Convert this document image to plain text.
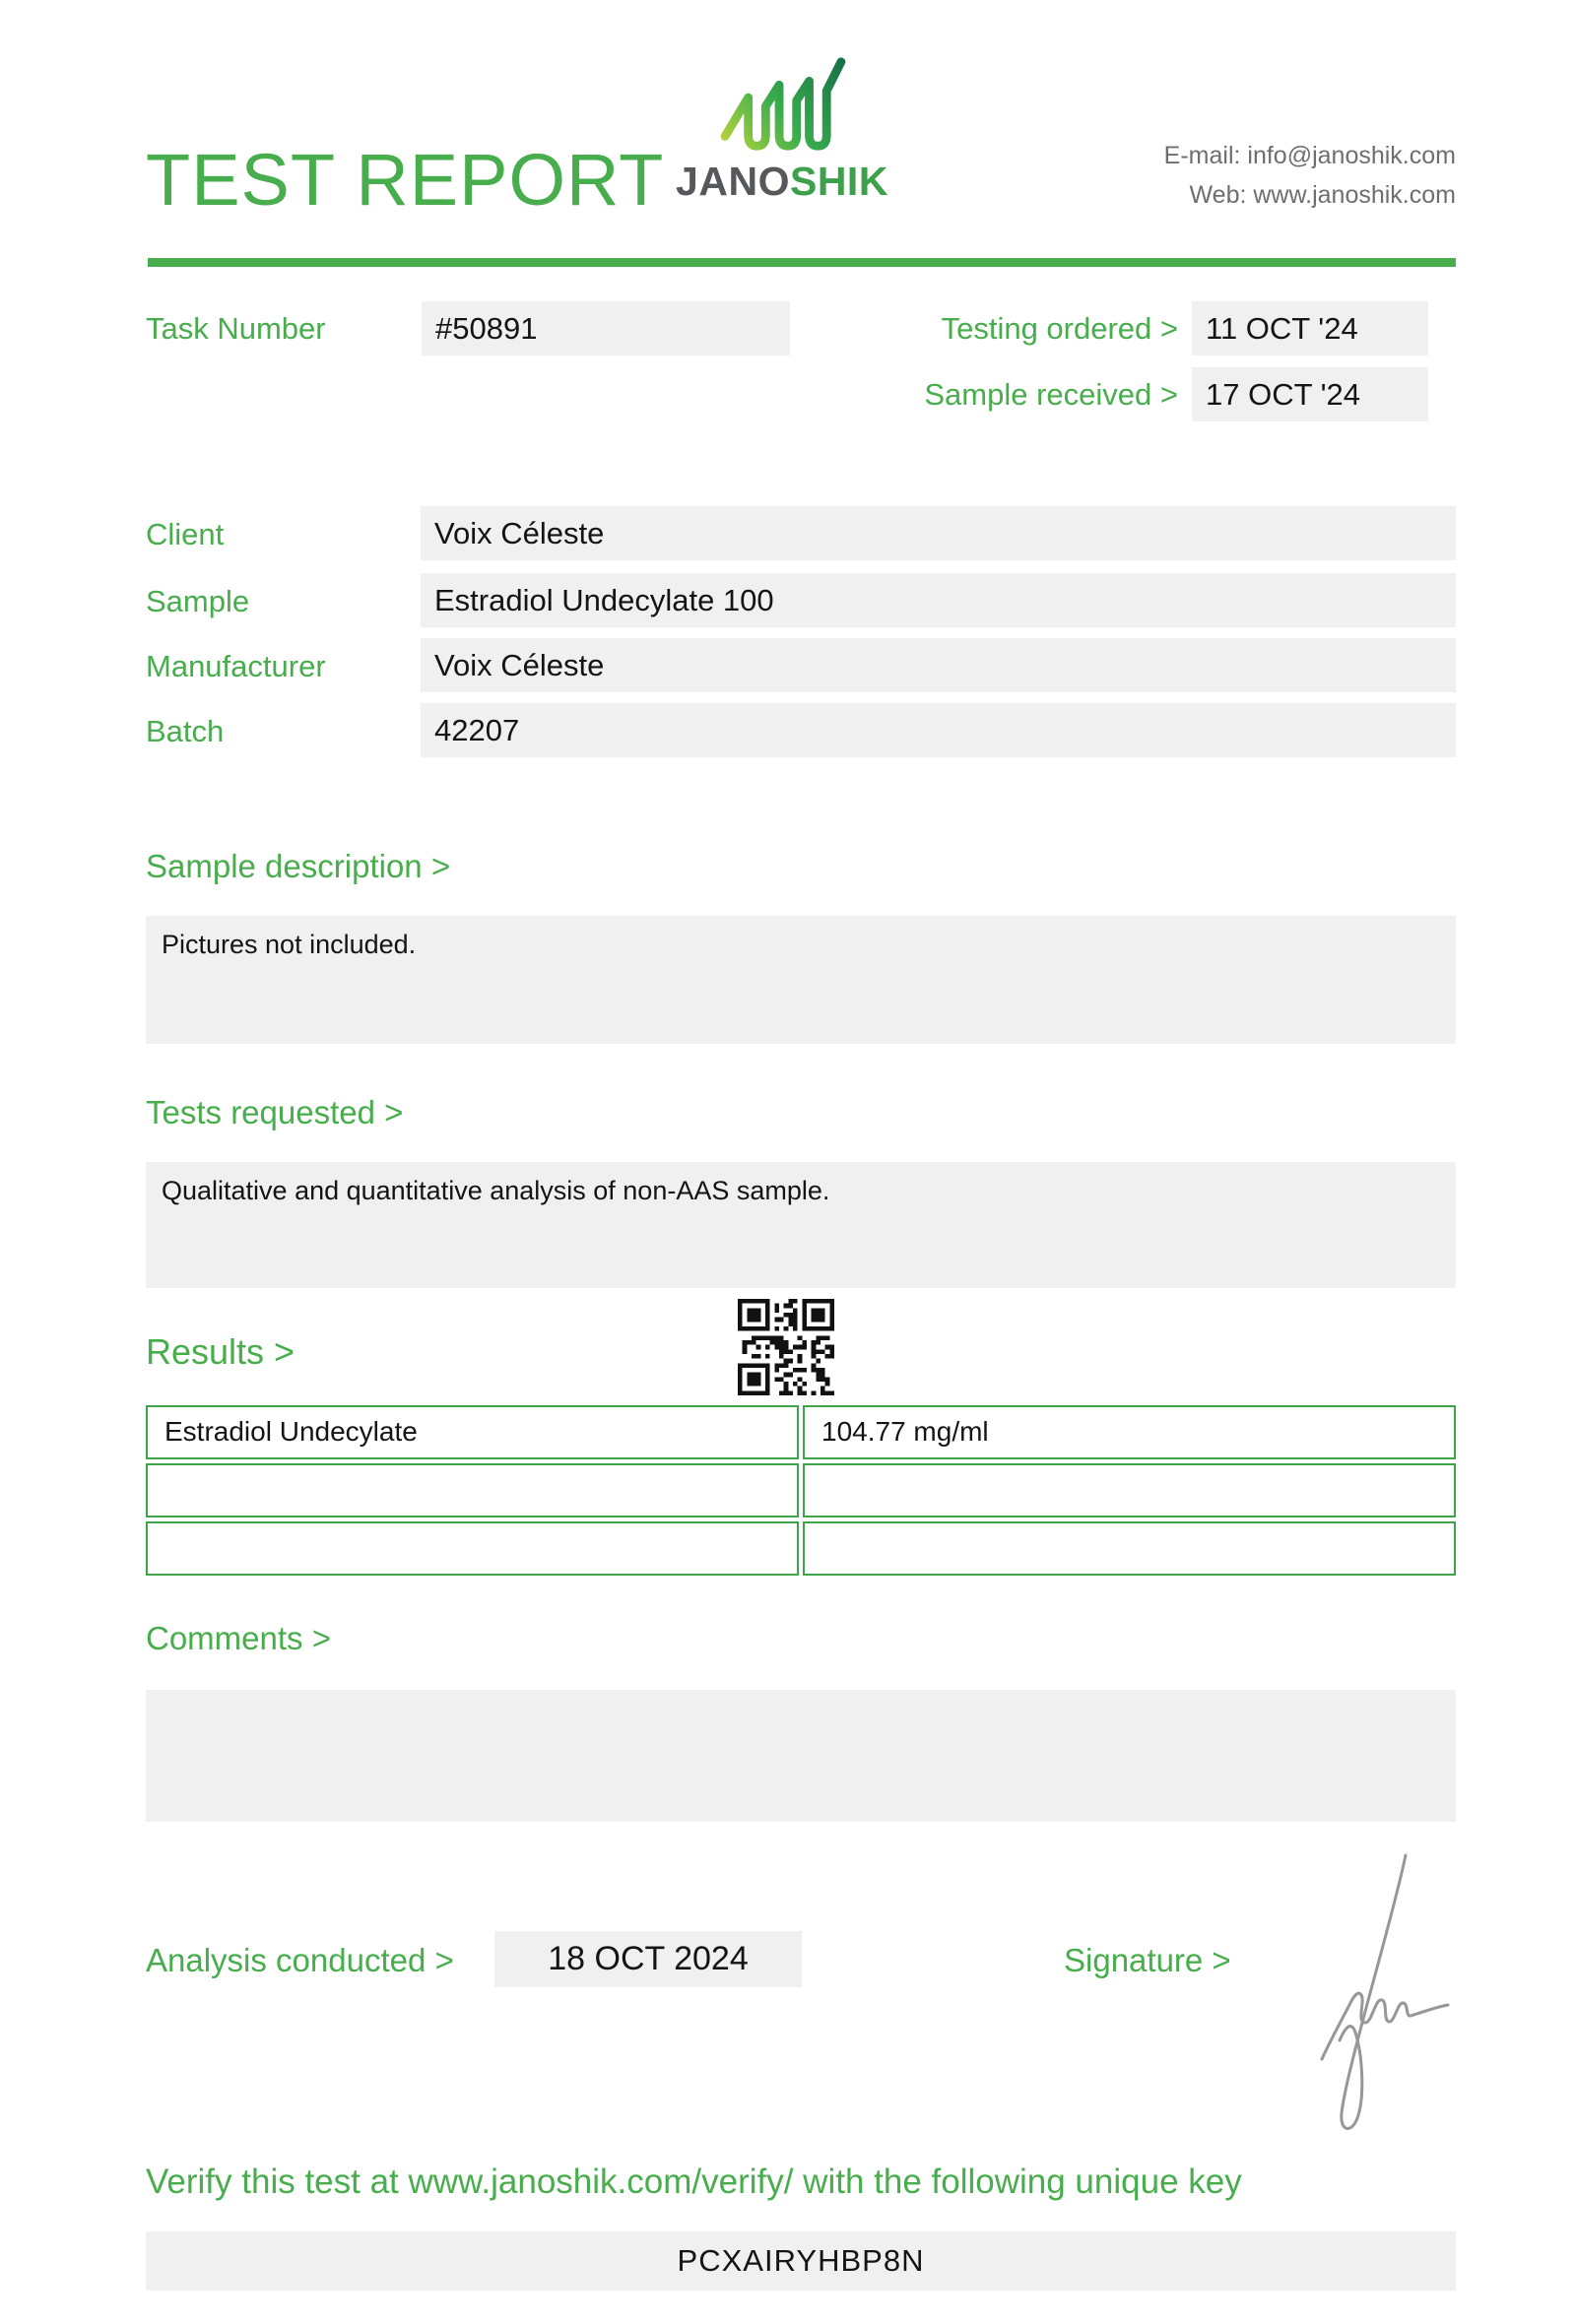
TEST REPORT JANOSHIK
E-mail: info@janoshik.com
Web: www.janoshik.com
Task Number	#50891	Testing ordered > 11 OCT '24
Sample received > 17 OCT '24
Client	Voix Céleste
Sample	Estradiol Undecylate 100
Manufacturer	Voix Céleste
Batch	42207
Sample description >
Pictures not included.
Tests requested >
Qualitative and quantitative analysis of non-AAS sample.
Results >
Estradiol Undecylate	104.77 mg/ml
Comments >
Analysis conducted >	18 OCT 2024	Signature >
Verify this test at www.janoshik.com/verify/ with the following unique key
PCXAIRYHBP8N
